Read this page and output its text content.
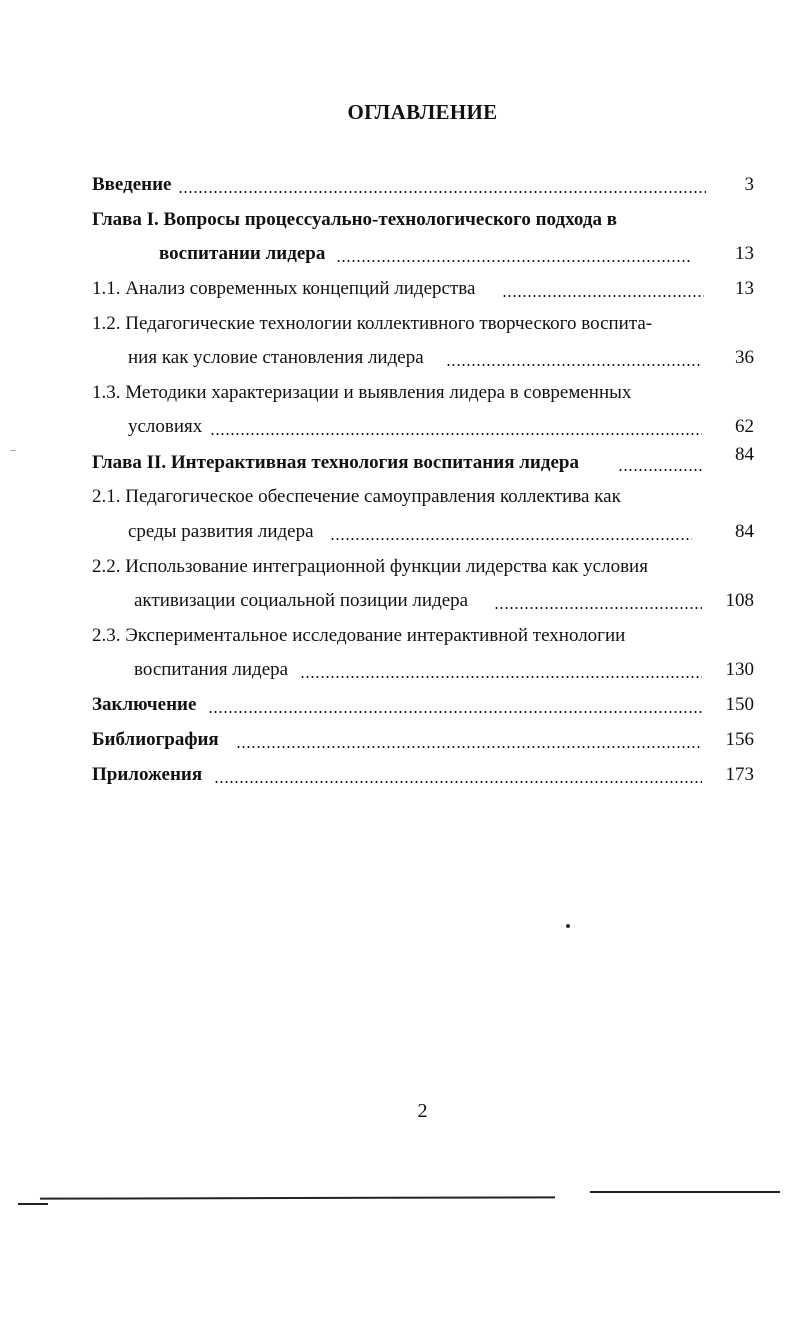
ОГЛАВЛЕНИЕ
Введение	3
Глава I. Вопросы процессуально-технологического подхода в
воспитании лидера	13
1.1. Анализ современных концепций лидерства	13
1.2. Педагогические технологии коллективного творческого воспита-
ния как условие становления лидера	36
1.3. Методики характеризации и выявления лидера в современных
условиях	62
Глава II. Интерактивная технология воспитания лидера	84
2.1. Педагогическое обеспечение самоуправления коллектива как
среды развития лидера	84
2.2. Использование интеграционной функции лидерства как условия
активизации социальной позиции лидера	108
2.3. Экспериментальное исследование интерактивной технологии
воспитания лидера	130
Заключение	150
Библиография	156
Приложения	173
2
